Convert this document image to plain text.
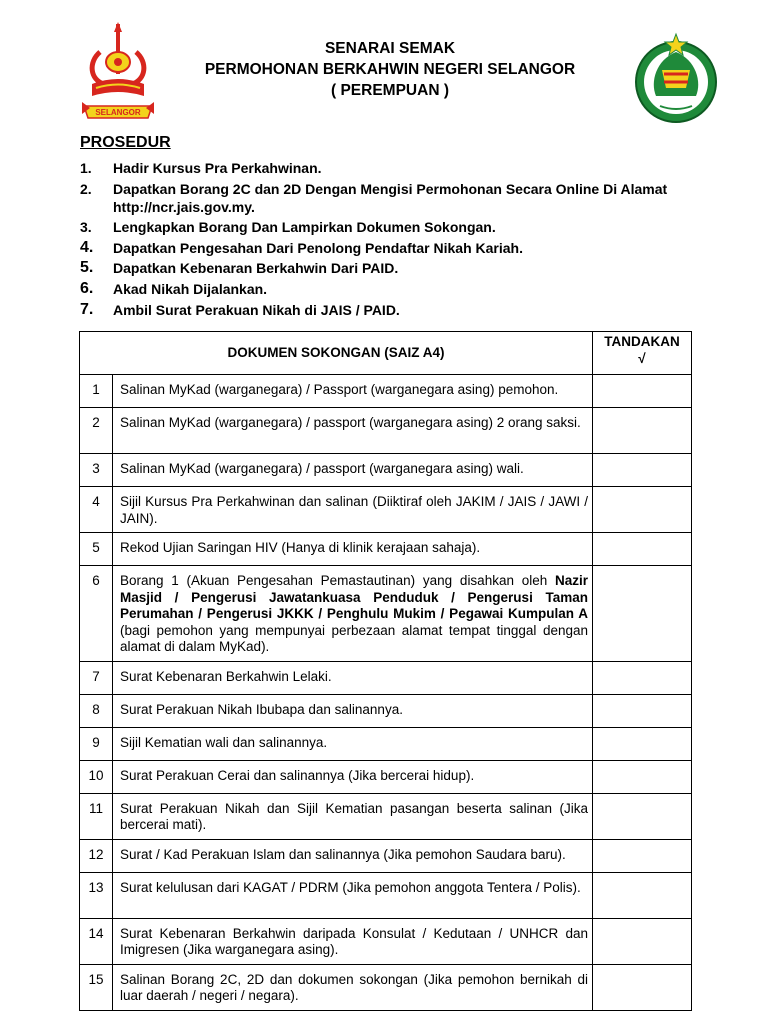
SELANGOR
SENARAI SEMAK
PERMOHONAN BERKAHWIN NEGERI SELANGOR
( PEREMPUAN )
PROSEDUR
1.	Hadir Kursus Pra Perkahwinan.
2.	Dapatkan Borang 2C dan 2D Dengan Mengisi Permohonan Secara Online Di Alamat http://ncr.jais.gov.my.
3.	Lengkapkan Borang Dan Lampirkan Dokumen Sokongan.
4.	Dapatkan Pengesahan Dari Penolong Pendaftar Nikah Kariah.
5.	Dapatkan Kebenaran Berkahwin Dari PAID.
6.	Akad Nikah Dijalankan.
7.	Ambil Surat Perakuan Nikah di JAIS / PAID.
DOKUMEN SOKONGAN (SAIZ A4)		TANDAKAN
√

1	Salinan MyKad (warganegara) / Passport (warganegara asing) pemohon.	
2	Salinan MyKad (warganegara) / passport (warganegara asing) 2 orang saksi.	
3	Salinan MyKad (warganegara) / passport (warganegara asing) wali.	
4	Sijil Kursus Pra Perkahwinan dan salinan (Diiktiraf oleh JAKIM / JAIS / JAWI / JAIN).	
5	Rekod Ujian Saringan HIV (Hanya di klinik kerajaan sahaja).	
6	Borang 1 (Akuan Pengesahan Pemastautinan) yang disahkan oleh Nazir Masjid / Pengerusi Jawatankuasa Penduduk / Pengerusi Taman Perumahan / Pengerusi JKKK / Penghulu Mukim / Pegawai Kumpulan A (bagi pemohon yang mempunyai perbezaan alamat tempat tinggal dengan alamat di dalam MyKad).	
7	Surat Kebenaran Berkahwin Lelaki.	
8	Surat Perakuan Nikah Ibubapa dan salinannya.	
9	Sijil Kematian wali dan salinannya.	
10	Surat Perakuan Cerai dan salinannya (Jika bercerai hidup).	
11	Surat Perakuan Nikah dan Sijil Kematian pasangan beserta salinan (Jika bercerai mati).	
12	Surat / Kad Perakuan Islam dan salinannya (Jika pemohon Saudara baru).	
13	Surat kelulusan dari KAGAT / PDRM (Jika pemohon anggota Tentera / Polis).	
14	Surat Kebenaran Berkahwin daripada Konsulat / Kedutaan / UNHCR dan Imigresen (Jika warganegara asing).	
15	Salinan Borang 2C, 2D dan dokumen sokongan (Jika pemohon bernikah di luar daerah / negeri / negara).	
